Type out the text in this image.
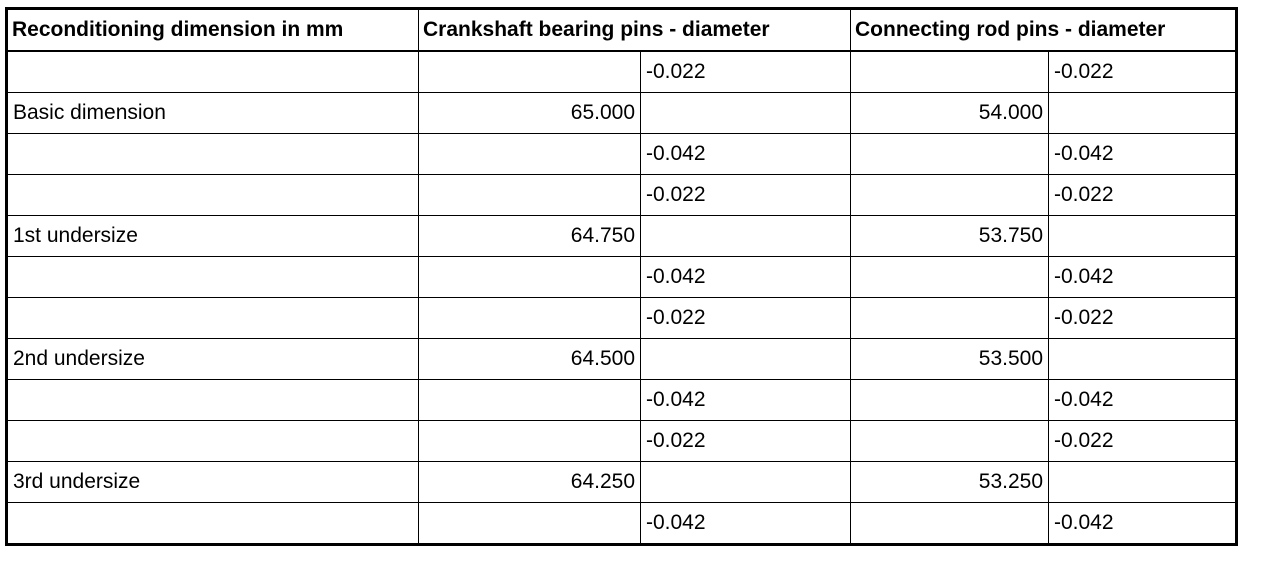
Reconditioning dimension in mm	Crankshaft bearing pins - diameter		Connecting rod pins - diameter	
		-0.022		-0.022
Basic dimension	65.000		54.000	
		-0.042		-0.042
		-0.022		-0.022
1st undersize	64.750		53.750	
		-0.042		-0.042
		-0.022		-0.022
2nd undersize	64.500		53.500	
		-0.042		-0.042
		-0.022		-0.022
3rd undersize	64.250		53.250	
		-0.042		-0.042
